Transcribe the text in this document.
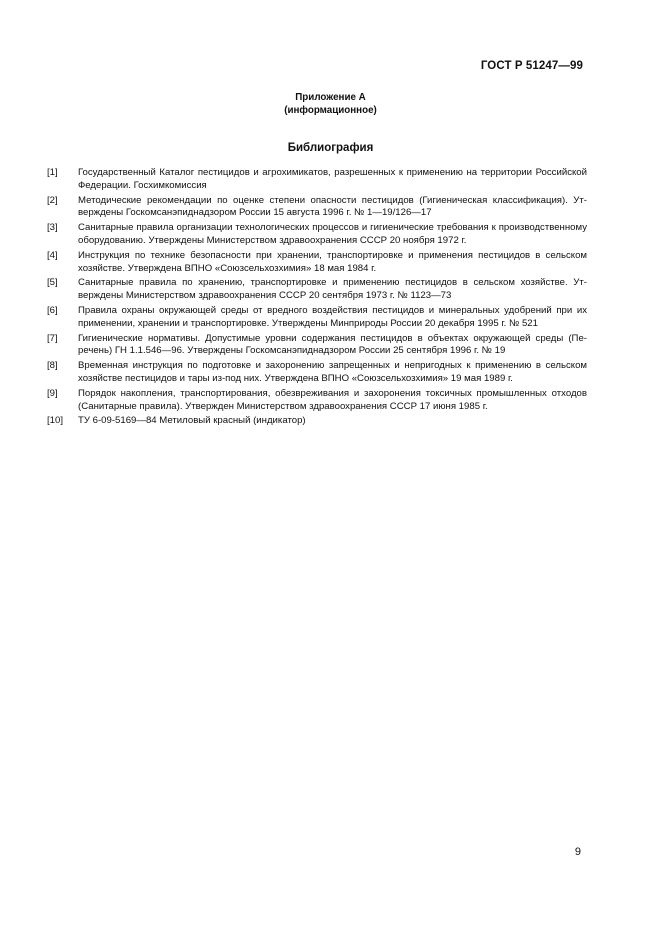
ГОСТ Р 51247—99
Приложение А
(информационное)
Библиография
[1]	Государственный Каталог пестицидов и агрохимикатов, разрешенных к применению на территории Российской Федерации. Госхимкомиссия
[2]	Методические рекомендации по оценке степени опасности пестицидов (Гигиеническая классификация). Утверждены Госкомсанэпиднадзором России 15 августа 1996 г. № 1—19/126—17
[3]	Санитарные правила организации технологических процессов и гигиенические требования к производственному оборудованию. Утверждены Министерством здравоохранения СССР 20 ноября 1972 г.
[4]	Инструкция по технике безопасности при хранении, транспортировке и применения пестицидов в сельском хозяйстве. Утверждена ВПНО «Союзсельхозхимия» 18 мая 1984 г.
[5]	Санитарные правила по хранению, транспортировке и применению пестицидов в сельском хозяйстве. Утверждены Министерством здравоохранения СССР 20 сентября 1973 г. № 1123—73
[6]	Правила охраны окружающей среды от вредного воздействия пестицидов и минеральных удобрений при их применении, хранении и транспортировке. Утверждены Минприроды России 20 декабря 1995 г. № 521
[7]	Гигиенические нормативы. Допустимые уровни содержания пестицидов в объектах окружающей среды (Перечень) ГН 1.1.546—96. Утверждены Госкомсанэпиднадзором России 25 сентября 1996 г. № 19
[8]	Временная инструкция по подготовке и захоронению запрещенных и непригодных к применению в сельском хозяйстве пестицидов и тары из-под них. Утверждена ВПНО «Союзсельхозхимия» 19 мая 1989 г.
[9]	Порядок накопления, транспортирования, обезвреживания и захоронения токсичных промышленных отходов (Санитарные правила). Утвержден Министерством здравоохранения СССР 17 июня 1985 г.
[10]	ТУ 6-09-5169—84 Метиловый красный (индикатор)
9
